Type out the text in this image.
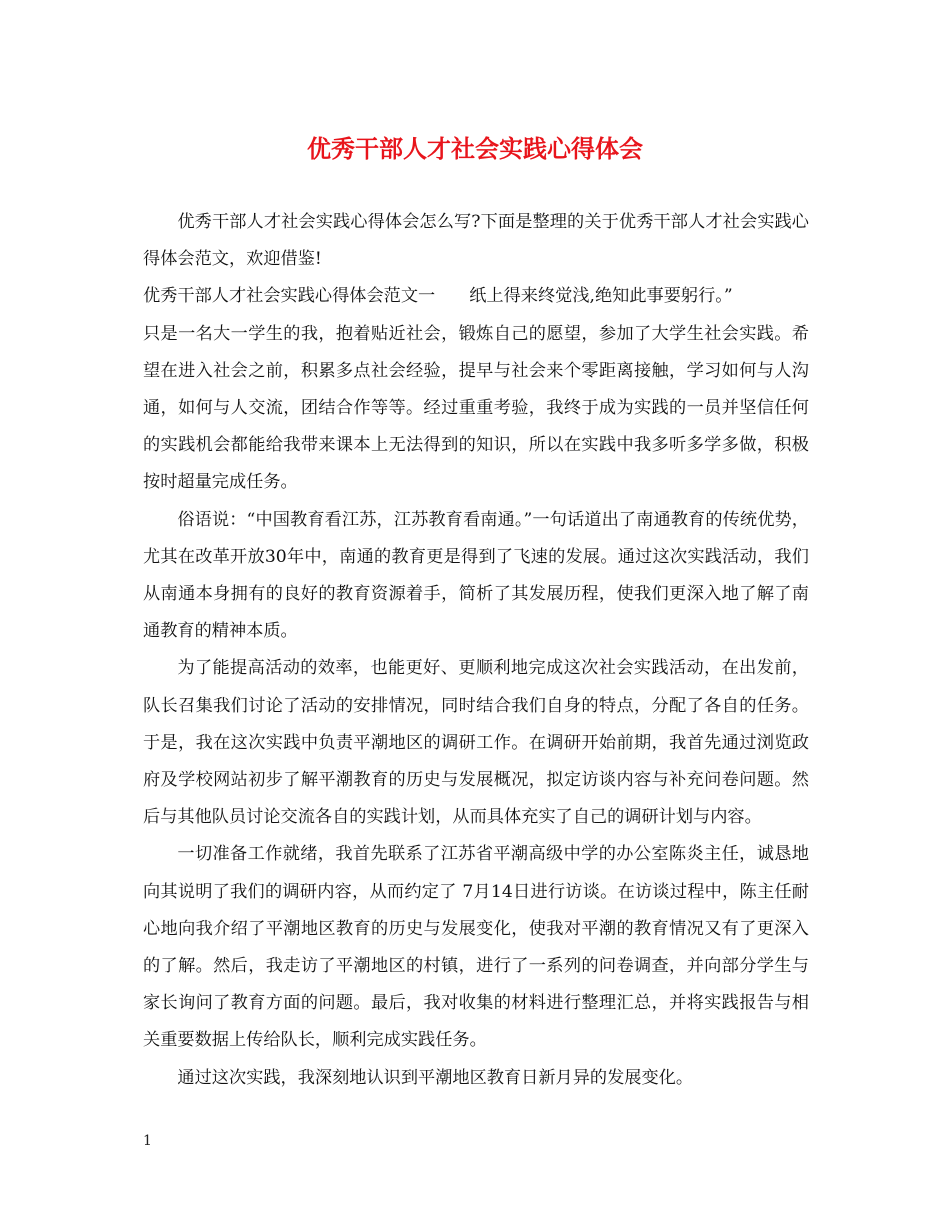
优秀干部人才社会实践心得体会

优秀干部人才社会实践心得体会怎么写?下面是整理的关于优秀干部人才社会实践心得体会范文，欢迎借鉴!

优秀干部人才社会实践心得体会范文一 纸上得来终觉浅,绝知此事要躬行。”

只是一名大一学生的我，抱着贴近社会，锻炼自己的愿望，参加了大学生社会实践。希望在进入社会之前，积累多点社会经验，提早与社会来个零距离接触，学习如何与人沟通，如何与人交流，团结合作等等。经过重重考验，我终于成为实践的一员并坚信任何的实践机会都能给我带来课本上无法得到的知识，所以在实践中我多听多学多做，积极按时超量完成任务。

俗语说：“中国教育看江苏，江苏教育看南通。”一句话道出了南通教育的传统优势，尤其在改革开放30年中，南通的教育更是得到了飞速的发展。通过这次实践活动，我们从南通本身拥有的良好的教育资源着手，简析了其发展历程，使我们更深入地了解了南通教育的精神本质。

为了能提高活动的效率，也能更好、更顺利地完成这次社会实践活动，在出发前，队长召集我们讨论了活动的安排情况，同时结合我们自身的特点，分配了各自的任务。于是，我在这次实践中负责平潮地区的调研工作。在调研开始前期，我首先通过浏览政府及学校网站初步了解平潮教育的历史与发展概况，拟定访谈内容与补充问卷问题。然后与其他队员讨论交流各自的实践计划，从而具体充实了自己的调研计划与内容。

一切准备工作就绪，我首先联系了江苏省平潮高级中学的办公室陈炎主任，诚恳地向其说明了我们的调研内容，从而约定了 7月14日进行访谈。在访谈过程中，陈主任耐心地向我介绍了平潮地区教育的历史与发展变化，使我对平潮的教育情况又有了更深入的了解。然后，我走访了平潮地区的村镇，进行了一系列的问卷调查，并向部分学生与家长询问了教育方面的问题。最后，我对收集的材料进行整理汇总，并将实践报告与相关重要数据上传给队长，顺利完成实践任务。

通过这次实践，我深刻地认识到平潮地区教育日新月异的发展变化。

1
